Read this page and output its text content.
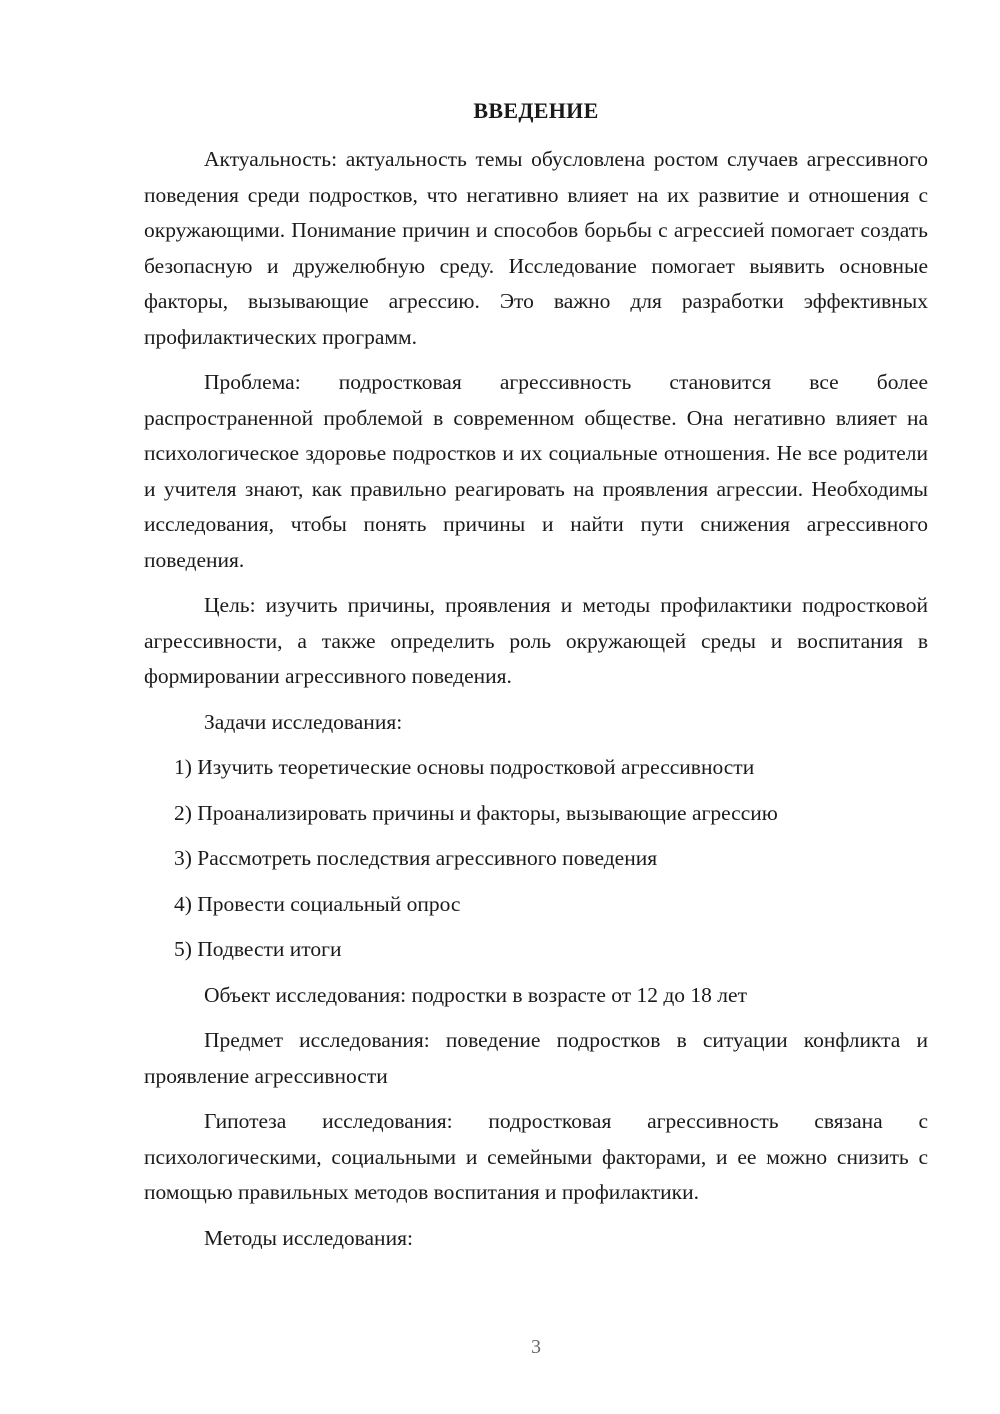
ВВЕДЕНИЕ

Актуальность: актуальность темы обусловлена ростом случаев агрессивного поведения среди подростков, что негативно влияет на их развитие и отношения с окружающими. Понимание причин и способов борьбы с агрессией помогает создать безопасную и дружелюбную среду. Исследование помогает выявить основные факторы, вызывающие агрессию. Это важно для разработки эффективных профилактических программ.

Проблема: подростковая агрессивность становится все более распространенной проблемой в современном обществе. Она негативно влияет на психологическое здоровье подростков и их социальные отношения. Не все родители и учителя знают, как правильно реагировать на проявления агрессии. Необходимы исследования, чтобы понять причины и найти пути снижения агрессивного поведения.

Цель: изучить причины, проявления и методы профилактики подростковой агрессивности, а также определить роль окружающей среды и воспитания в формировании агрессивного поведения.

Задачи исследования:

1) Изучить теоретические основы подростковой агрессивности

2) Проанализировать причины и факторы, вызывающие агрессию

3) Рассмотреть последствия агрессивного поведения

4) Провести социальный опрос

5) Подвести итоги

Объект исследования: подростки в возрасте от 12 до 18 лет

Предмет исследования: поведение подростков в ситуации конфликта и проявление агрессивности

Гипотеза исследования: подростковая агрессивность связана с психологическими, социальными и семейными факторами, и ее можно снизить с помощью правильных методов воспитания и профилактики.

Методы исследования:

3
